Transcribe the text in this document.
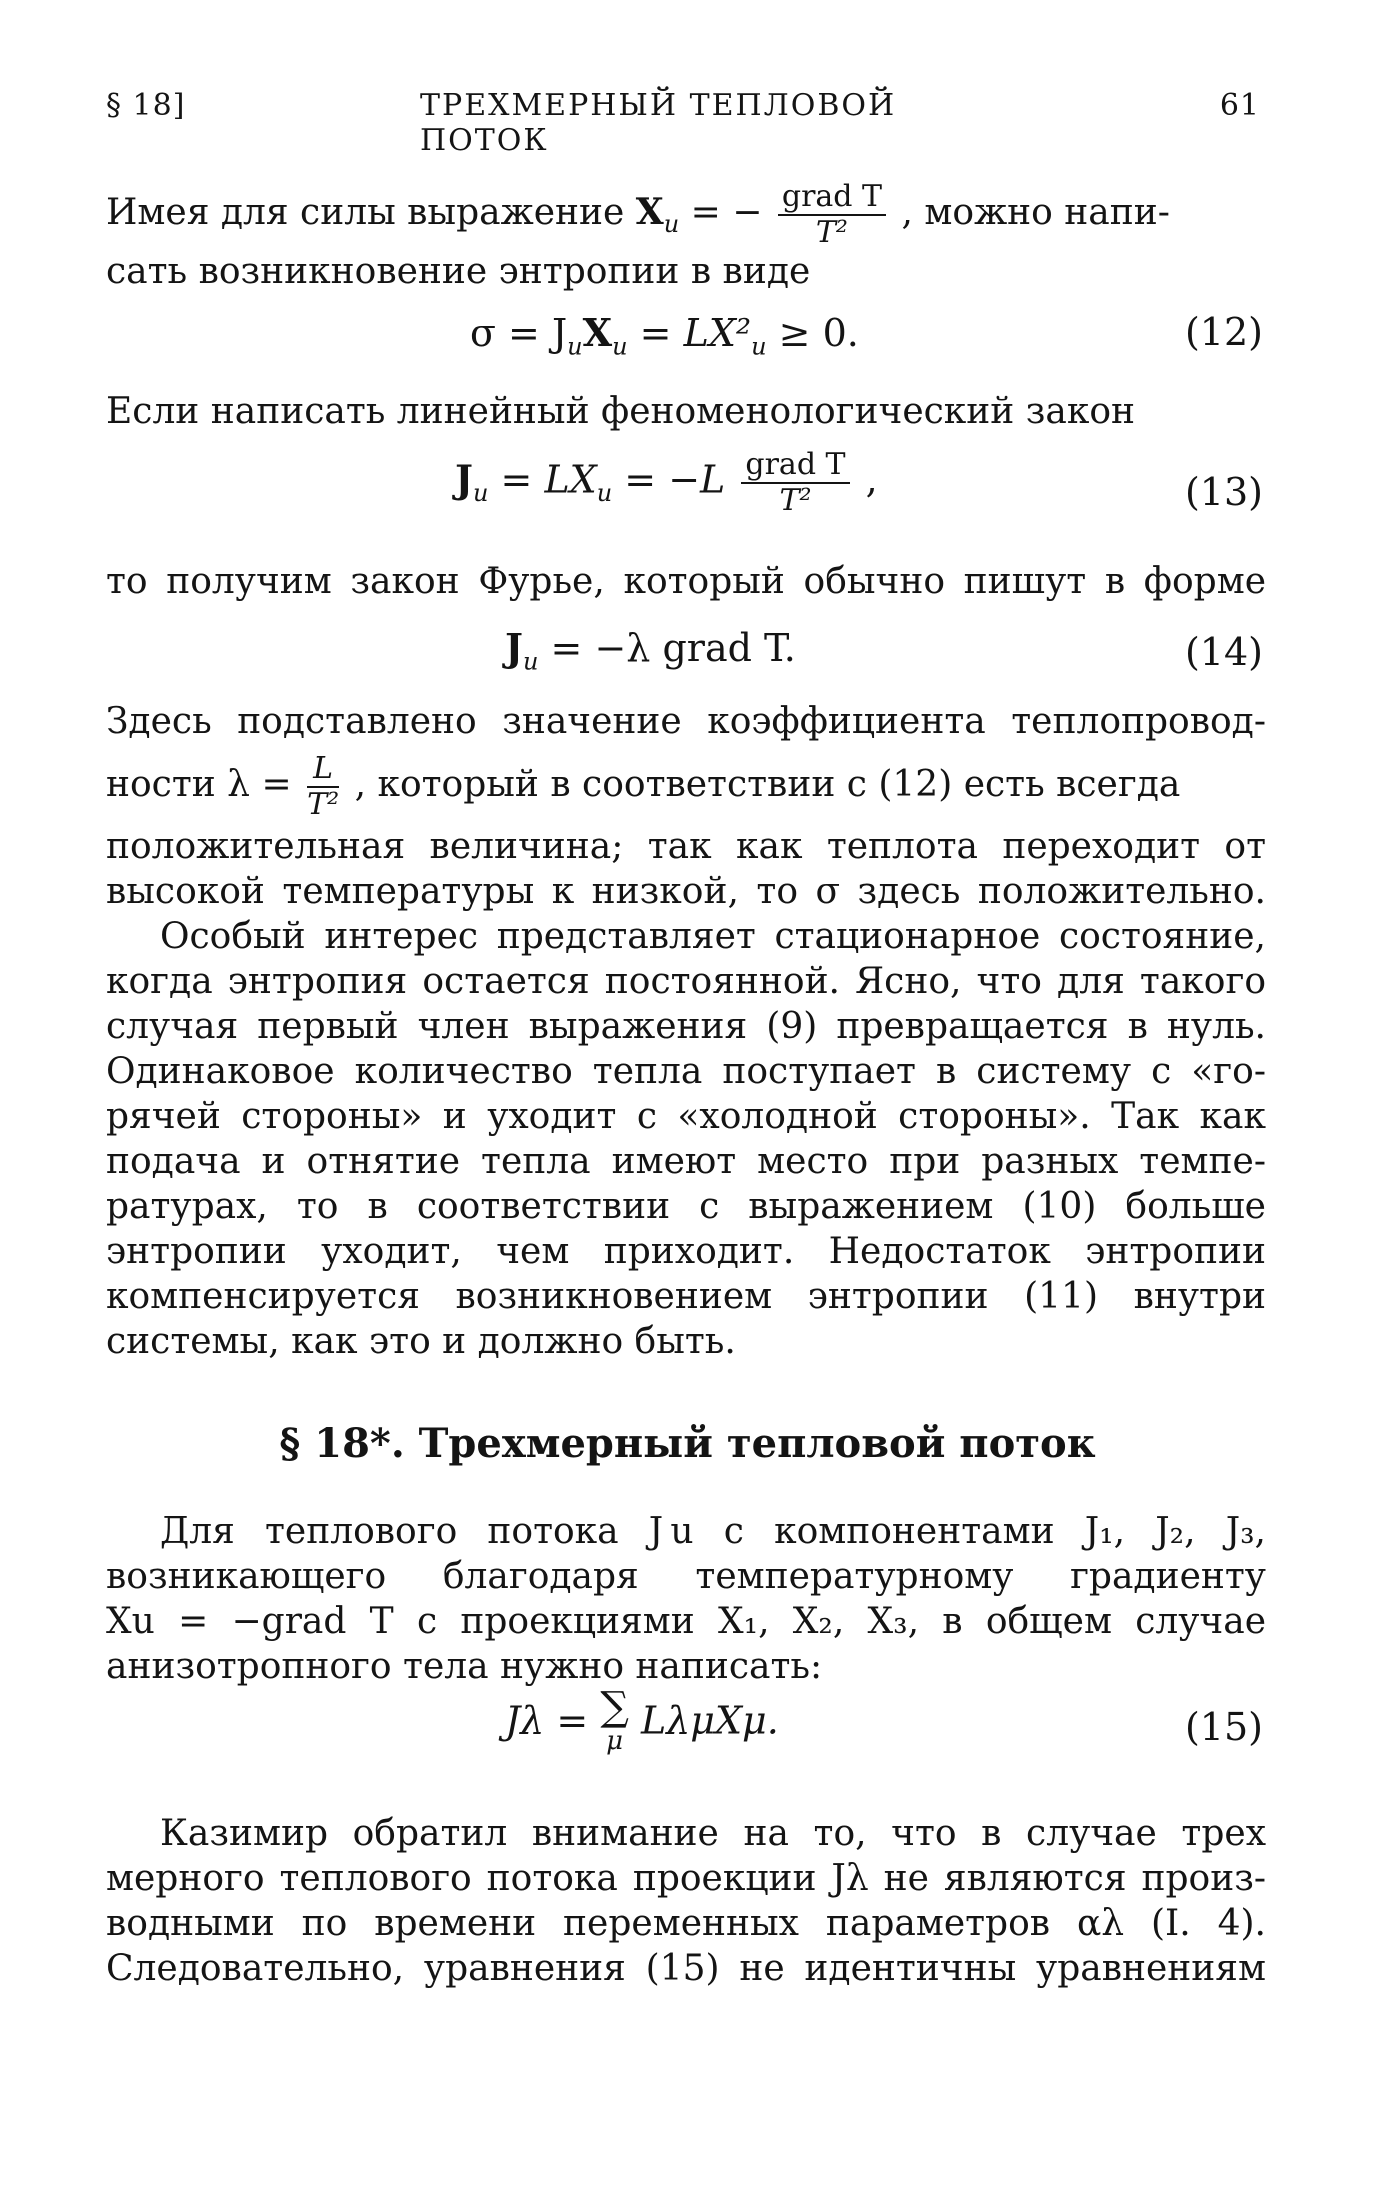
§ 18]	ТРЕХМЕРНЫЙ ТЕПЛОВОЙ ПОТОК
61
Имея для силы выражение $X_u$ = − $\frac{\text{grad T}}{\text{T²}}$ , можно напи-
сать возникновение энтропии в виде
$\sigma = J_uX_u = LX^2_u \ge 0$.	(12)
Если написать линейный феноменологический закон
$J_u = LX_u = -L \frac{\text{grad T}}{\text{T²}}$ ,	(13)
то получим закон Фурье, который обычно пишут в форме
$J_u = -\lambda$ grad T.	(14)
Здесь подставлено значение коэффициента теплопровод-
ности $\lambda = \frac{L}{\text{T²}}$ , который в соответствии с (12) есть всегда
положительная величина; так как теплота переходит от
высокой температуры к низкой, то σ здесь положительно.
Особый интерес представляет стационарное состояние,
когда энтропия остается постоянной. Ясно, что для такого
случая первый член выражения (9) превращается в нуль.
Одинаковое количество тепла поступает в систему с «го-
рячей стороны» и уходит с «холодной стороны». Так как
подача и отнятие тепла имеют место при разных темпе-
ратурах, то в соответствии с выражением (10) больше
энтропии уходит, чем приходит. Недостаток энтропии
компенсируется возникновением энтропии (11) внутри
системы, как это и должно быть.
§ 18*. Трехмерный тепловой поток
Для теплового потока J u с компонентами J₁, J₂, J₃,
возникающего благодаря температурному градиенту
Xu = −grad T с проекциями X₁, X₂, X₃, в общем случае
анизотропного тела нужно написать:
Jλ = ∑
μ LλμXμ.	(15)
Казимир обратил внимание на то, что в случае трех
мерного теплового потока проекции Jλ не являются произ-
водными по времени переменных параметров αλ (I. 4).
Следовательно, уравнения (15) не идентичны уравнениям
